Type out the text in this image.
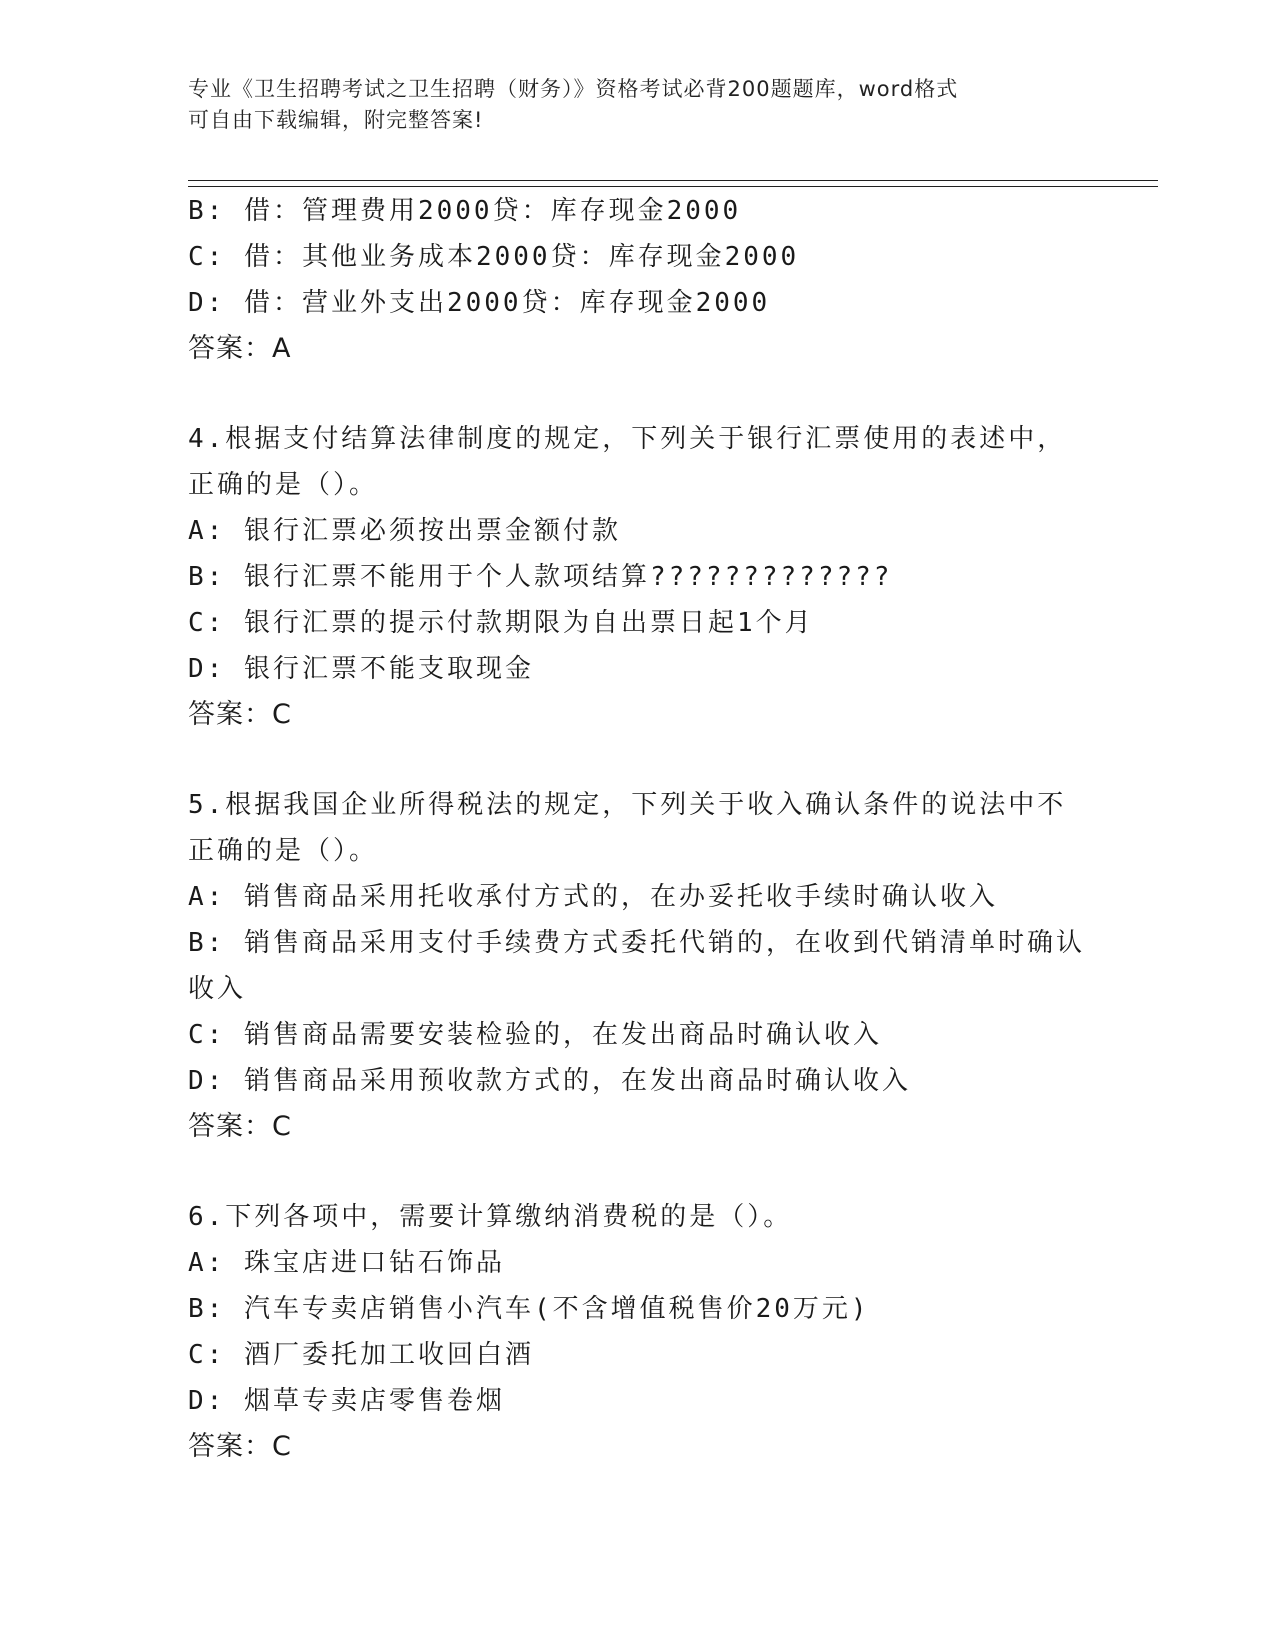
专业《卫生招聘考试之卫生招聘（财务）》资格考试必背200题题库，word格式
可自由下载编辑，附完整答案!
B: 借：管理费用2000贷：库存现金2000
C: 借：其他业务成本2000贷：库存现金2000
D: 借：营业外支出2000贷：库存现金2000
答案：A
4.根据支付结算法律制度的规定，下列关于银行汇票使用的表述中，
正确的是（）。
A: 银行汇票必须按出票金额付款
B: 银行汇票不能用于个人款项结算?????????????
C: 银行汇票的提示付款期限为自出票日起1个月
D: 银行汇票不能支取现金
答案：C
5.根据我国企业所得税法的规定，下列关于收入确认条件的说法中不
正确的是（）。
A: 销售商品采用托收承付方式的，在办妥托收手续时确认收入
B: 销售商品采用支付手续费方式委托代销的，在收到代销清单时确认
收入
C: 销售商品需要安装检验的，在发出商品时确认收入
D: 销售商品采用预收款方式的，在发出商品时确认收入
答案：C
6.下列各项中，需要计算缴纳消费税的是（）。
A: 珠宝店进口钻石饰品
B: 汽车专卖店销售小汽车(不含增值税售价20万元)
C: 酒厂委托加工收回白酒
D: 烟草专卖店零售卷烟
答案：C
